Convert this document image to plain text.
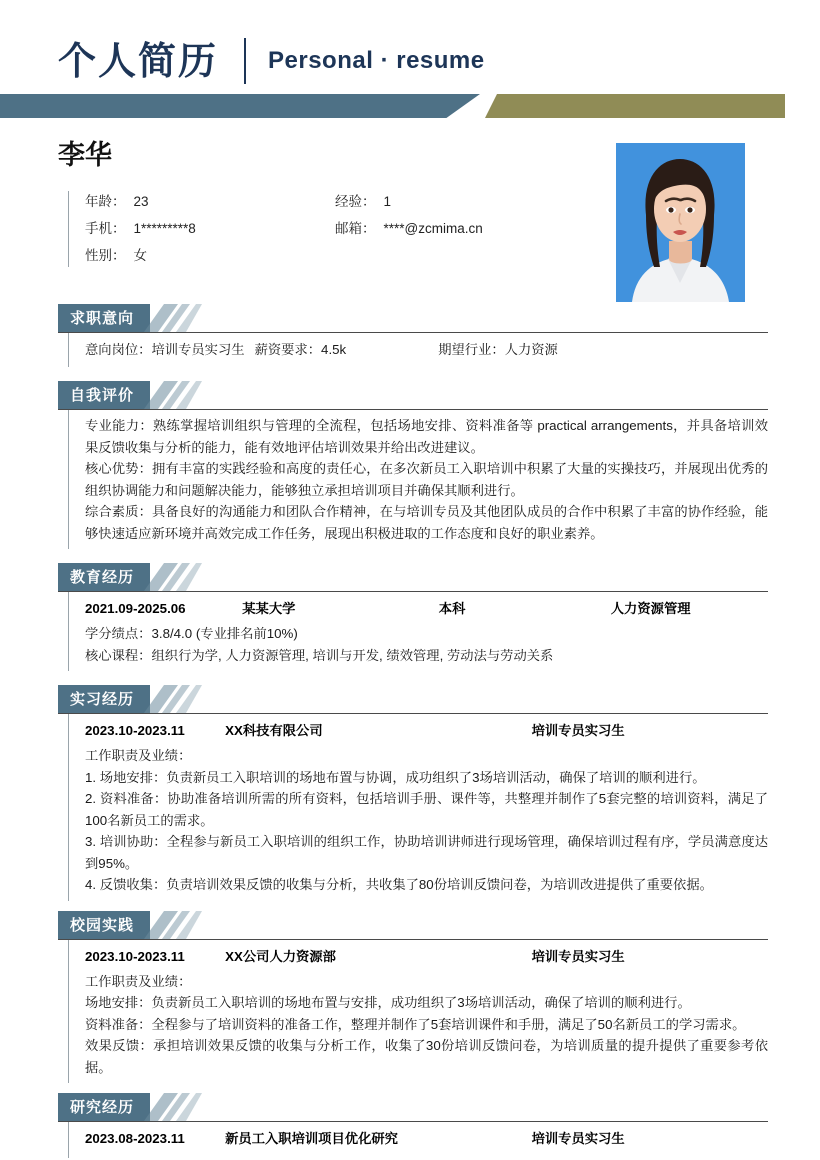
个人简历 Personal · resume
李华
年龄： 23	经验： 1
手机： 1*********8	邮箱： ****@zcmima.cn
性别： 女
求职意向
意向岗位： 培训专员实习生 薪资要求： 4.5k	期望行业： 人力资源
自我评价

专业能力：熟练掌握培训组织与管理的全流程，包括场地安排、资料准备等 practical arrangements，并具备培训效果反馈收集与分析的能力，能有效地评估培训效果并给出改进建议。

核心优势：拥有丰富的实践经验和高度的责任心，在多次新员工入职培训中积累了大量的实操技巧，并展现出优秀的组织协调能力和问题解决能力，能够独立承担培训项目并确保其顺利进行。

综合素质：具备良好的沟通能力和团队合作精神，在与培训专员及其他团队成员的合作中积累了丰富的协作经验，能够快速适应新环境并高效完成工作任务，展现出积极进取的工作态度和良好的职业素养。

教育经历
2021.09-2025.06	某某大学	本科	人力资源管理

学分绩点：3.8/4.0 (专业排名前10%)

核心课程：组织行为学, 人力资源管理, 培训与开发, 绩效管理, 劳动法与劳动关系

实习经历
2023.10-2023.11	XX科技有限公司	培训专员实习生

工作职责及业绩：

1. 场地安排：负责新员工入职培训的场地布置与协调，成功组织了3场培训活动，确保了培训的顺利进行。

2. 资料准备：协助准备培训所需的所有资料，包括培训手册、课件等，共整理并制作了5套完整的培训资料，满足了100名新员工的需求。

3. 培训协助：全程参与新员工入职培训的组织工作，协助培训讲师进行现场管理，确保培训过程有序，学员满意度达到95%。

4. 反馈收集：负责培训效果反馈的收集与分析，共收集了80份培训反馈问卷，为培训改进提供了重要依据。

校园实践
2023.10-2023.11	XX公司人力资源部	培训专员实习生

工作职责及业绩：

场地安排：负责新员工入职培训的场地布置与安排，成功组织了3场培训活动，确保了培训的顺利进行。

资料准备：全程参与了培训资料的准备工作，整理并制作了5套培训课件和手册，满足了50名新员工的学习需求。

效果反馈：承担培训效果反馈的收集与分析工作，收集了30份培训反馈问卷，为培训质量的提升提供了重要参考依据。

研究经历
2023.08-2023.11	新员工入职培训项目优化研究	培训专员实习生
